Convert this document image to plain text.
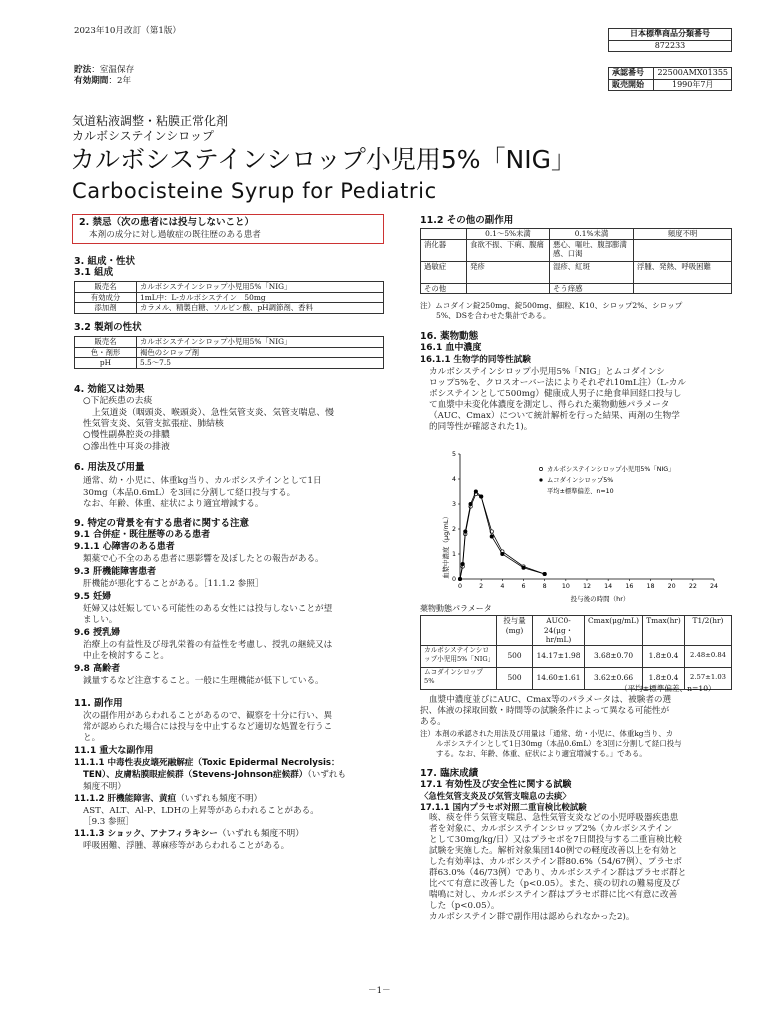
2023年10月改訂（第1版）
貯法：室温保存
有効期間：2年
日本標準商品分類番号
872233
承認番号	22500AMX01355
販売開始	1990年7月
気道粘液調整・粘膜正常化剤
カルボシステインシロップ
カルボシステインシロップ小児用5%「NIG」
Carbocisteine Syrup for Pediatric
2. 禁忌（次の患者には投与しないこと）
本剤の成分に対し過敏症の既往歴のある患者
3. 組成・性状
3.1 組成
販売名	カルボシステインシロップ小児用5%「NIG」
有効成分	1mL中：L-カルボシステイン　50mg
添加剤	カラメル、精製白糖、ソルビン酸、pH調節剤、香料
3.2 製剤の性状
販売名	カルボシステインシロップ小児用5%「NIG」
色・剤形	褐色のシロップ剤
pH	5.5〜7.5
4. 効能又は効果
○下記疾患の去痰
上気道炎（咽頭炎、喉頭炎）、急性気管支炎、気管支喘息、慢
性気管支炎、気管支拡張症、肺結核
○慢性副鼻腔炎の排膿
○滲出性中耳炎の排液
6. 用法及び用量
通常、幼・小児に、体重kg当り、カルボシステインとして1日
30mg（本品0.6mL）を3回に分割して経口投与する。
なお、年齢、体重、症状により適宜増減する。
9. 特定の背景を有する患者に関する注意
9.1 合併症・既往歴等のある患者
9.1.1 心障害のある患者
類薬で心不全のある患者に悪影響を及ぼしたとの報告がある。
9.3 肝機能障害患者
肝機能が悪化することがある。［11.1.2 参照］
9.5 妊婦
妊婦又は妊娠している可能性のある女性には投与しないことが望
ましい。
9.6 授乳婦
治療上の有益性及び母乳栄養の有益性を考慮し、授乳の継続又は
中止を検討すること。
9.8 高齢者
減量するなど注意すること。一般に生理機能が低下している。
11. 副作用
次の副作用があらわれることがあるので、観察を十分に行い、異
常が認められた場合には投与を中止するなど適切な処置を行うこ
と。
11.1 重大な副作用
11.1.1 中毒性表皮壊死融解症（Toxic Epidermal Necrolysis：
TEN）、皮膚粘膜眼症候群（Stevens-Johnson症候群）（いずれも
頻度不明）
11.1.2 肝機能障害、黄疸（いずれも頻度不明）
AST、ALT、Al-P、LDHの上昇等があらわれることがある。
［9.3 参照］
11.1.3 ショック、アナフィラキシー（いずれも頻度不明）
呼吸困難、浮腫、蕁麻疹等があらわれることがある。
11.2 その他の副作用
	0.1〜5%未満	0.1%未満	頻度不明
消化器	食欲不振、下痢、腹痛	悪心、嘔吐、腹部膨満感、口渇	
過敏症	発疹	湿疹、紅斑	浮腫、発熱、呼吸困難
その他		そう痒感	
注）ムコダイン錠250mg、錠500mg、細粒、K10、シロップ2%、シロップ
5%、DSを合わせた集計である。
16. 薬物動態
16.1 血中濃度
16.1.1 生物学的同等性試験
カルボシステインシロップ小児用5%「NIG」とムコダインシ
ロップ5%を、クロスオーバー法によりそれぞれ10mL注）（L-カル
ボシステインとして500mg）健康成人男子に絶食単回経口投与し
て血漿中未変化体濃度を測定し、得られた薬物動態パラメータ
（AUC、Cmax）について統計解析を行った結果、両剤の生物学
的同等性が確認された1)。
0
1
2
3
4
5
0	2	4	6	8 10 12 14 16 18 20 22 24
血漿中濃度（μg/mL）
投与後の時間（hr）
カルボシステインシロップ小児用5%「NIG」
ムコダインシロップ5%
平均±標準偏差、n=10
薬物動態パラメータ
	投与量(mg)	AUC0-24(μg・hr/mL)	Cmax(μg/mL)	Tmax(hr)	T1/2(hr)
カルボシステインシロップ小児用5%「NIG」	500	14.17±1.98	3.68±0.70	1.8±0.4	2.48±0.84
ムコダインシロップ5%	500	14.60±1.61	3.62±0.66	1.8±0.4	2.57±1.03
（平均±標準偏差、n=10）
血漿中濃度並びにAUC、Cmax等のパラメータは、被験者の選
択、体液の採取回数・時間等の試験条件によって異なる可能性が
ある。
注）本剤の承認された用法及び用量は「通常、幼・小児に、体重kg当り、カ
ルボシステインとして1日30mg（本品0.6mL）を3回に分割して経口投与
する。なお、年齢、体重、症状により適宜増減する。」である。
17. 臨床成績
17.1 有効性及び安全性に関する試験
〈急性気管支炎及び気管支喘息の去痰〉
17.1.1 国内プラセボ対照二重盲検比較試験
咳、痰を伴う気管支喘息、急性気管支炎などの小児呼吸器疾患患
者を対象に、カルボシステインシロップ2%（カルボシステイン
として30mg/kg/日）又はプラセボを7日間投与する二重盲検比較
試験を実施した。解析対象集団140例での軽度改善以上を有効と
した有効率は、カルボシステイン群80.6%（54/67例）、プラセボ
群63.0%（46/73例）であり、カルボシステイン群はプラセボ群と
比べて有意に改善した（p<0.05）。また、痰の切れの難易度及び
喘鳴に対し、カルボシステイン群はプラセボ群に比べ有意に改善
した（p<0.05）。
カルボシステイン群で副作用は認められなかった2)。
－1－
